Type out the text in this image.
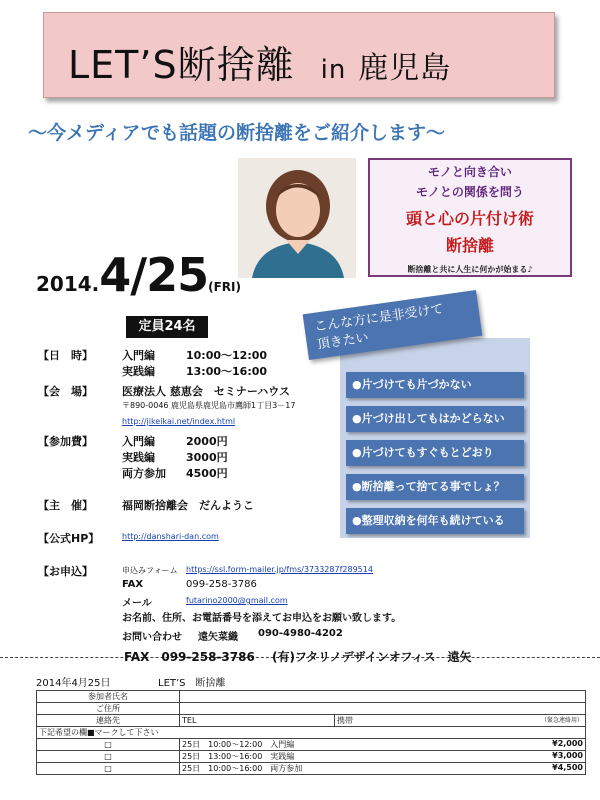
LET’S断捨離 in 鹿児島
～今メディアでも話題の断捨離をご紹介します～
モノと向き合い
モノとの関係を問う
頭と心の片付け術
断捨離
断捨離と共に人生に何かが始まる♪
2014.4/25(FRI)
定員24名	こんな方に是非受けて
頂きたい
●片づけても片づかない
●片づけ出してもはかどらない
●片づけてもすぐもとどおり
●断捨離って捨てる事でしょ？
●整理収納を何年も続けている
【日　時】	入門編	10:00～12:00
実践編	13:00～16:00
【会　場】	医療法人 慈恵会　セミナーハウス
〒890-0046 鹿児島県鹿児島市鷹師1丁目3－17
http://jikeikai.net/index.html
【参加費】	入門編	2000円
実践編	3000円
両方参加 4500円
【主　催】	福岡断捨離会　だんようこ
【公式HP】	http://danshari-dan.com
【お申込】	申込みフォーム https://ssl.form-mailer.jp/fms/3733287f289514
FAX	099-258-3786
メール	futarino2000@gmail.com
お名前、住所、お電話番号を添えてお申込をお願い致します。
お問い合わせ 遠矢菜織 090-4980-4202
FAX　099-258-3786 (有)フタリノデザインオフィス　遠矢
2014年4月25日	LET’S　断捨離
参加者氏名		
ご住所		
連絡先	TEL	携帯 （緊急連絡用）

下記希望の欄■マークして下さい		
□	25日　10:00～12:00　入門編 ¥2,000	

□	25日　13:00～16:00　実践編 ¥3,000	

□	25日　10:00～16:00　両方参加 ¥4,500	
